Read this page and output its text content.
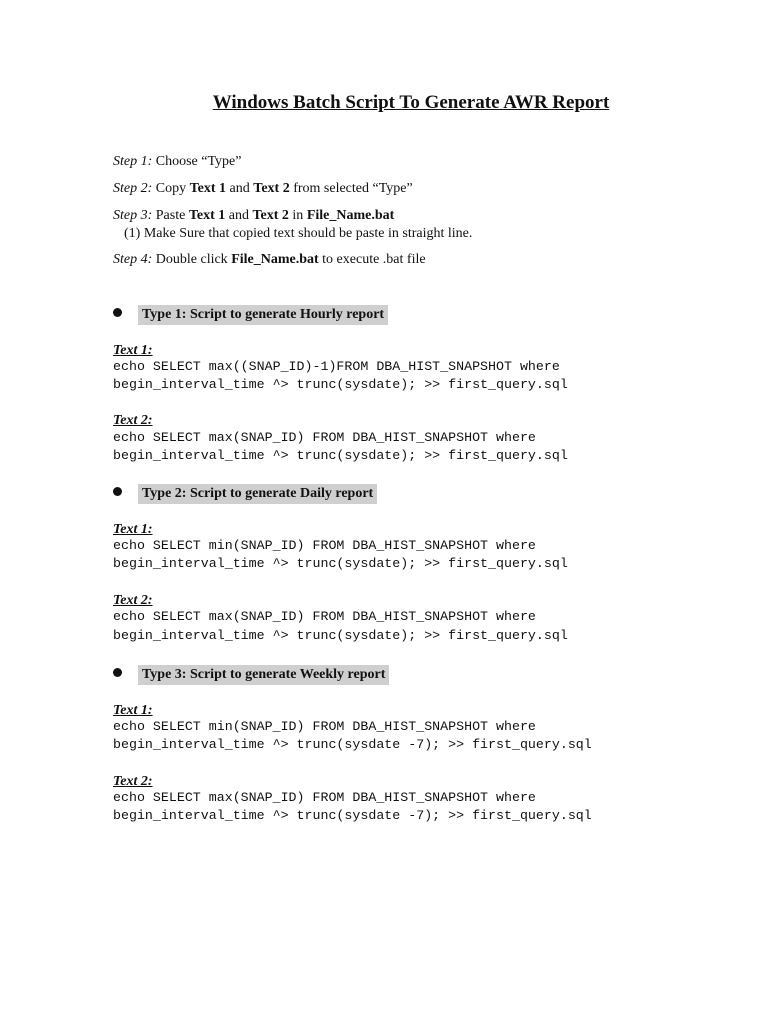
Windows Batch Script To Generate AWR Report
Step 1: Choose “Type”
Step 2: Copy Text 1 and Text 2 from selected “Type”
Step 3: Paste Text 1 and Text 2 in File_Name.bat
(1) Make Sure that copied text should be paste in straight line.
Step 4: Double click File_Name.bat to execute .bat file
Type 1: Script to generate Hourly report
Text 1:
echo SELECT max((SNAP_ID)-1)FROM DBA_HIST_SNAPSHOT where
begin_interval_time ^> trunc(sysdate); >> first_query.sql
Text 2:
echo SELECT max(SNAP_ID) FROM DBA_HIST_SNAPSHOT where
begin_interval_time ^> trunc(sysdate); >> first_query.sql
Type 2: Script to generate Daily report
Text 1:
echo SELECT min(SNAP_ID) FROM DBA_HIST_SNAPSHOT where
begin_interval_time ^> trunc(sysdate); >> first_query.sql
Text 2:
echo SELECT max(SNAP_ID) FROM DBA_HIST_SNAPSHOT where
begin_interval_time ^> trunc(sysdate); >> first_query.sql
Type 3: Script to generate Weekly report
Text 1:
echo SELECT min(SNAP_ID) FROM DBA_HIST_SNAPSHOT where
begin_interval_time ^> trunc(sysdate -7); >> first_query.sql
Text 2:
echo SELECT max(SNAP_ID) FROM DBA_HIST_SNAPSHOT where
begin_interval_time ^> trunc(sysdate -7); >> first_query.sql
